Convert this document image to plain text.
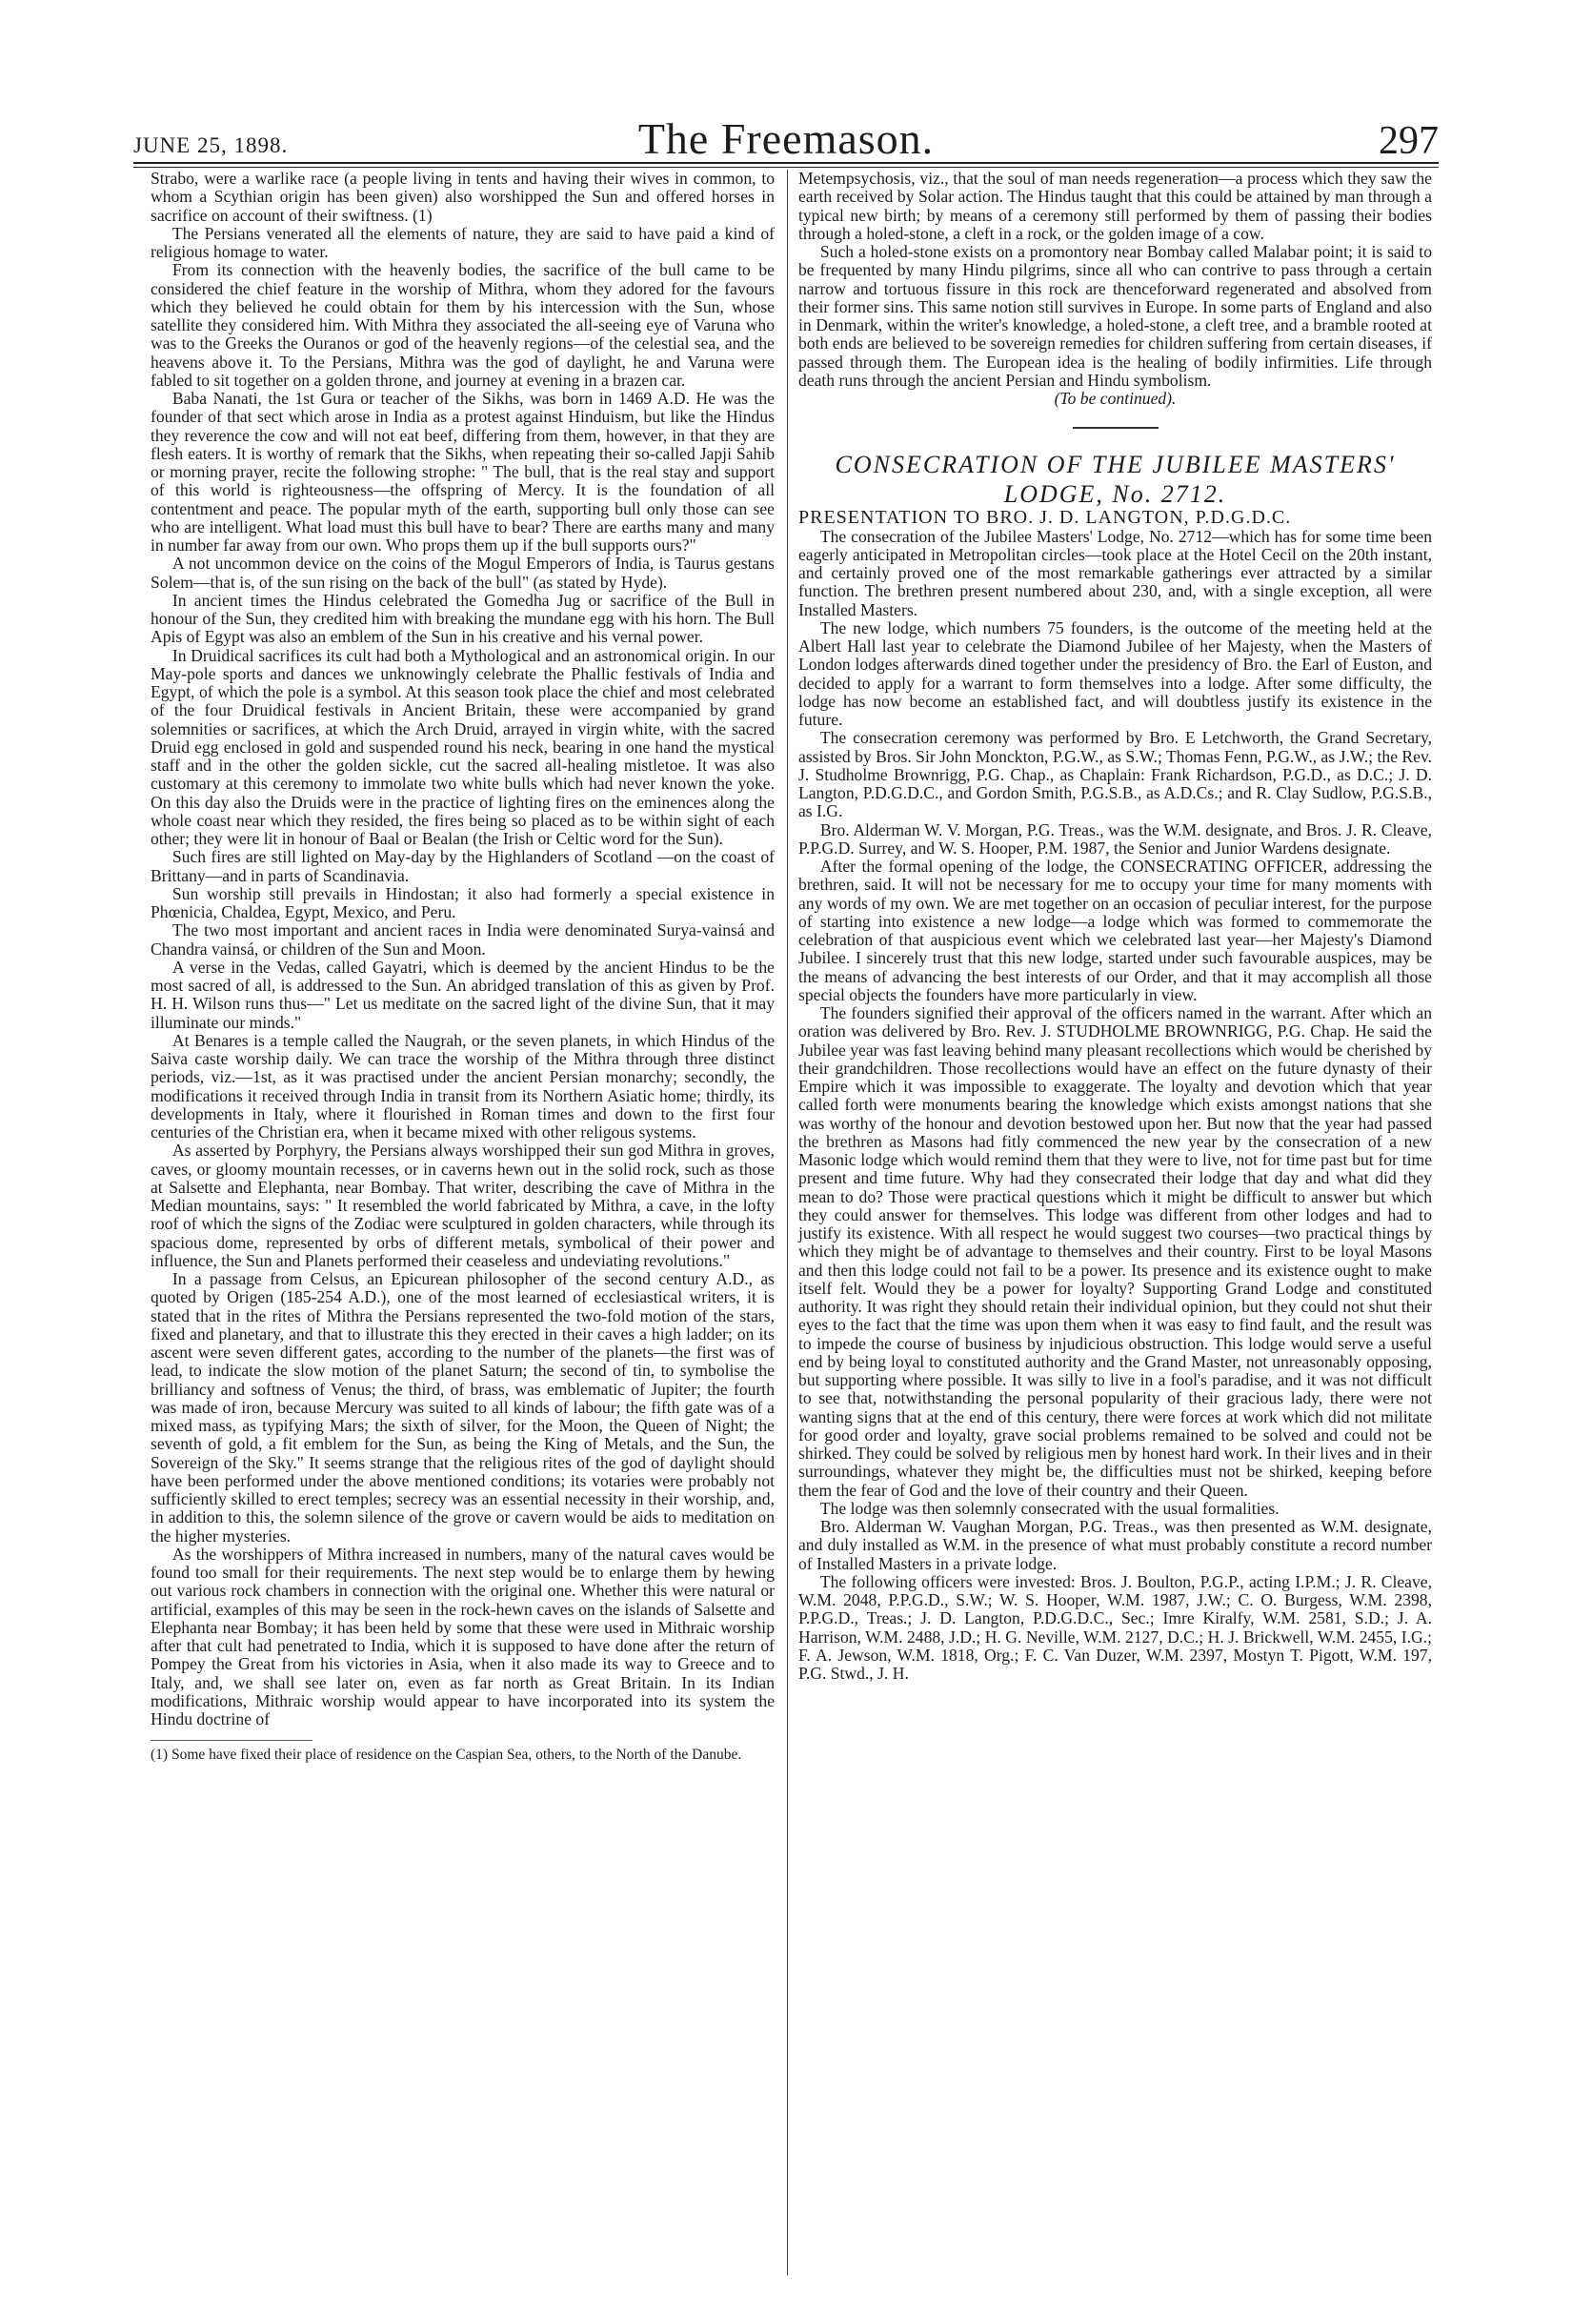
JUNE 25, 1898.	The Freemason.	297

Strabo, were a warlike race (a people living in tents and having their wives in common, to whom a Scythian origin has been given) also worshipped the Sun and offered horses in sacrifice on account of their swiftness. (1)

The Persians venerated all the elements of nature, they are said to have paid a kind of religious homage to water.

From its connection with the heavenly bodies, the sacrifice of the bull came to be considered the chief feature in the worship of Mithra, whom they adored for the favours which they believed he could obtain for them by his intercession with the Sun, whose satellite they considered him. With Mithra they associated the all-seeing eye of Varuna who was to the Greeks the Ouranos or god of the heavenly regions—of the celestial sea, and the heavens above it. To the Persians, Mithra was the god of daylight, he and Varuna were fabled to sit together on a golden throne, and journey at evening in a brazen car.

Baba Nanati, the 1st Gura or teacher of the Sikhs, was born in 1469 A.D. He was the founder of that sect which arose in India as a protest against Hinduism, but like the Hindus they reverence the cow and will not eat beef, differing from them, however, in that they are flesh eaters. It is worthy of remark that the Sikhs, when repeating their so-called Japji Sahib or morning prayer, recite the following strophe: " The bull, that is the real stay and support of this world is righteousness—the offspring of Mercy. It is the foundation of all contentment and peace. The popular myth of the earth, supporting bull only those can see who are intelligent. What load must this bull have to bear? There are earths many and many in number far away from our own. Who props them up if the bull supports ours?"

A not uncommon device on the coins of the Mogul Emperors of India, is Taurus gestans Solem—that is, of the sun rising on the back of the bull" (as stated by Hyde).

In ancient times the Hindus celebrated the Gomedha Jug or sacrifice of the Bull in honour of the Sun, they credited him with breaking the mundane egg with his horn. The Bull Apis of Egypt was also an emblem of the Sun in his creative and his vernal power.

In Druidical sacrifices its cult had both a Mythological and an astronomical origin. In our May-pole sports and dances we unknowingly celebrate the Phallic festivals of India and Egypt, of which the pole is a symbol. At this season took place the chief and most celebrated of the four Druidical festivals in Ancient Britain, these were accompanied by grand solemnities or sacrifices, at which the Arch Druid, arrayed in virgin white, with the sacred Druid egg enclosed in gold and suspended round his neck, bearing in one hand the mystical staff and in the other the golden sickle, cut the sacred all-healing mistletoe. It was also customary at this ceremony to immolate two white bulls which had never known the yoke. On this day also the Druids were in the practice of lighting fires on the eminences along the whole coast near which they resided, the fires being so placed as to be within sight of each other; they were lit in honour of Baal or Bealan (the Irish or Celtic word for the Sun).

Such fires are still lighted on May-day by the Highlanders of Scotland —on the coast of Brittany—and in parts of Scandinavia.

Sun worship still prevails in Hindostan; it also had formerly a special existence in Phœnicia, Chaldea, Egypt, Mexico, and Peru.

The two most important and ancient races in India were denominated Surya-vainsá and Chandra vainsá, or children of the Sun and Moon.

A verse in the Vedas, called Gayatri, which is deemed by the ancient Hindus to be the most sacred of all, is addressed to the Sun. An abridged translation of this as given by Prof. H. H. Wilson runs thus—" Let us meditate on the sacred light of the divine Sun, that it may illuminate our minds."

At Benares is a temple called the Naugrah, or the seven planets, in which Hindus of the Saiva caste worship daily. We can trace the worship of the Mithra through three distinct periods, viz.—1st, as it was practised under the ancient Persian monarchy; secondly, the modifications it received through India in transit from its Northern Asiatic home; thirdly, its developments in Italy, where it flourished in Roman times and down to the first four centuries of the Christian era, when it became mixed with other religous systems.

As asserted by Porphyry, the Persians always worshipped their sun god Mithra in groves, caves, or gloomy mountain recesses, or in caverns hewn out in the solid rock, such as those at Salsette and Elephanta, near Bombay. That writer, describing the cave of Mithra in the Median mountains, says: " It resembled the world fabricated by Mithra, a cave, in the lofty roof of which the signs of the Zodiac were sculptured in golden characters, while through its spacious dome, represented by orbs of different metals, symbolical of their power and influence, the Sun and Planets performed their ceaseless and undeviating revolutions."

In a passage from Celsus, an Epicurean philosopher of the second century A.D., as quoted by Origen (185-254 A.D.), one of the most learned of ecclesiastical writers, it is stated that in the rites of Mithra the Persians represented the two-fold motion of the stars, fixed and planetary, and that to illustrate this they erected in their caves a high ladder; on its ascent were seven different gates, according to the number of the planets—the first was of lead, to indicate the slow motion of the planet Saturn; the second of tin, to symbolise the brilliancy and softness of Venus; the third, of brass, was emblematic of Jupiter; the fourth was made of iron, because Mercury was suited to all kinds of labour; the fifth gate was of a mixed mass, as typifying Mars; the sixth of silver, for the Moon, the Queen of Night; the seventh of gold, a fit emblem for the Sun, as being the King of Metals, and the Sun, the Sovereign of the Sky." It seems strange that the religious rites of the god of daylight should have been performed under the above mentioned conditions; its votaries were probably not sufficiently skilled to erect temples; secrecy was an essential necessity in their worship, and, in addition to this, the solemn silence of the grove or cavern would be aids to meditation on the higher mysteries.

As the worshippers of Mithra increased in numbers, many of the natural caves would be found too small for their requirements. The next step would be to enlarge them by hewing out various rock chambers in connection with the original one. Whether this were natural or artificial, examples of this may be seen in the rock-hewn caves on the islands of Salsette and Elephanta near Bombay; it has been held by some that these were used in Mithraic worship after that cult had penetrated to India, which it is supposed to have done after the return of Pompey the Great from his victories in Asia, when it also made its way to Greece and to Italy, and, we shall see later on, even as far north as Great Britain. In its Indian modifications, Mithraic worship would appear to have incorporated into its system the Hindu doctrine of

(1) Some have fixed their place of residence on the Caspian Sea, others, to the North of the Danube.

Metempsychosis, viz., that the soul of man needs regeneration—a process which they saw the earth received by Solar action. The Hindus taught that this could be attained by man through a typical new birth; by means of a ceremony still performed by them of passing their bodies through a holed-stone, a cleft in a rock, or the golden image of a cow.

Such a holed-stone exists on a promontory near Bombay called Malabar point; it is said to be frequented by many Hindu pilgrims, since all who can contrive to pass through a certain narrow and tortuous fissure in this rock are thenceforward regenerated and absolved from their former sins. This same notion still survives in Europe. In some parts of England and also in Denmark, within the writer's knowledge, a holed-stone, a cleft tree, and a bramble rooted at both ends are believed to be sovereign remedies for children suffering from certain diseases, if passed through them. The European idea is the healing of bodily infirmities. Life through death runs through the ancient Persian and Hindu symbolism.

(To be continued).

CONSECRATION OF THE JUBILEE MASTERS' LODGE, No. 2712.

PRESENTATION TO BRO. J. D. LANGTON, P.D.G.D.C.

The consecration of the Jubilee Masters' Lodge, No. 2712—which has for some time been eagerly anticipated in Metropolitan circles—took place at the Hotel Cecil on the 20th instant, and certainly proved one of the most remarkable gatherings ever attracted by a similar function. The brethren present numbered about 230, and, with a single exception, all were Installed Masters.

The new lodge, which numbers 75 founders, is the outcome of the meeting held at the Albert Hall last year to celebrate the Diamond Jubilee of her Majesty, when the Masters of London lodges afterwards dined together under the presidency of Bro. the Earl of Euston, and decided to apply for a warrant to form themselves into a lodge. After some difficulty, the lodge has now become an established fact, and will doubtless justify its existence in the future.

The consecration ceremony was performed by Bro. E Letchworth, the Grand Secretary, assisted by Bros. Sir John Monckton, P.G.W., as S.W.; Thomas Fenn, P.G.W., as J.W.; the Rev. J. Studholme Brownrigg, P.G. Chap., as Chaplain: Frank Richardson, P.G.D., as D.C.; J. D. Langton, P.D.G.D.C., and Gordon Smith, P.G.S.B., as A.D.Cs.; and R. Clay Sudlow, P.G.S.B., as I.G.

Bro. Alderman W. V. Morgan, P.G. Treas., was the W.M. designate, and Bros. J. R. Cleave, P.P.G.D. Surrey, and W. S. Hooper, P.M. 1987, the Senior and Junior Wardens designate.

After the formal opening of the lodge, the CONSECRATING OFFICER, addressing the brethren, said. It will not be necessary for me to occupy your time for many moments with any words of my own. We are met together on an occasion of peculiar interest, for the purpose of starting into existence a new lodge—a lodge which was formed to commemorate the celebration of that auspicious event which we celebrated last year—her Majesty's Diamond Jubilee. I sincerely trust that this new lodge, started under such favourable auspices, may be the means of advancing the best interests of our Order, and that it may accomplish all those special objects the founders have more particularly in view.

The founders signified their approval of the officers named in the warrant. After which an oration was delivered by Bro. Rev. J. STUDHOLME BROWNRIGG, P.G. Chap. He said the Jubilee year was fast leaving behind many pleasant recollections which would be cherished by their grandchildren. Those recollections would have an effect on the future dynasty of their Empire which it was impossible to exaggerate. The loyalty and devotion which that year called forth were monuments bearing the knowledge which exists amongst nations that she was worthy of the honour and devotion bestowed upon her. But now that the year had passed the brethren as Masons had fitly commenced the new year by the consecration of a new Masonic lodge which would remind them that they were to live, not for time past but for time present and time future. Why had they consecrated their lodge that day and what did they mean to do? Those were practical questions which it might be difficult to answer but which they could answer for themselves. This lodge was different from other lodges and had to justify its existence. With all respect he would suggest two courses—two practical things by which they might be of advantage to themselves and their country. First to be loyal Masons and then this lodge could not fail to be a power. Its presence and its existence ought to make itself felt. Would they be a power for loyalty? Supporting Grand Lodge and constituted authority. It was right they should retain their individual opinion, but they could not shut their eyes to the fact that the time was upon them when it was easy to find fault, and the result was to impede the course of business by injudicious obstruction. This lodge would serve a useful end by being loyal to constituted authority and the Grand Master, not unreasonably opposing, but supporting where possible. It was silly to live in a fool's paradise, and it was not difficult to see that, notwithstanding the personal popularity of their gracious lady, there were not wanting signs that at the end of this century, there were forces at work which did not militate for good order and loyalty, grave social problems remained to be solved and could not be shirked. They could be solved by religious men by honest hard work. In their lives and in their surroundings, whatever they might be, the difficulties must not be shirked, keeping before them the fear of God and the love of their country and their Queen.

The lodge was then solemnly consecrated with the usual formalities.

Bro. Alderman W. Vaughan Morgan, P.G. Treas., was then presented as W.M. designate, and duly installed as W.M. in the presence of what must probably constitute a record number of Installed Masters in a private lodge.

The following officers were invested: Bros. J. Boulton, P.G.P., acting I.P.M.; J. R. Cleave, W.M. 2048, P.P.G.D., S.W.; W. S. Hooper, W.M. 1987, J.W.; C. O. Burgess, W.M. 2398, P.P.G.D., Treas.; J. D. Langton, P.D.G.D.C., Sec.; Imre Kiralfy, W.M. 2581, S.D.; J. A. Harrison, W.M. 2488, J.D.; H. G. Neville, W.M. 2127, D.C.; H. J. Brickwell, W.M. 2455, I.G.; F. A. Jewson, W.M. 1818, Org.; F. C. Van Duzer, W.M. 2397, Mostyn T. Pigott, W.M. 197, P.G. Stwd., J. H.
